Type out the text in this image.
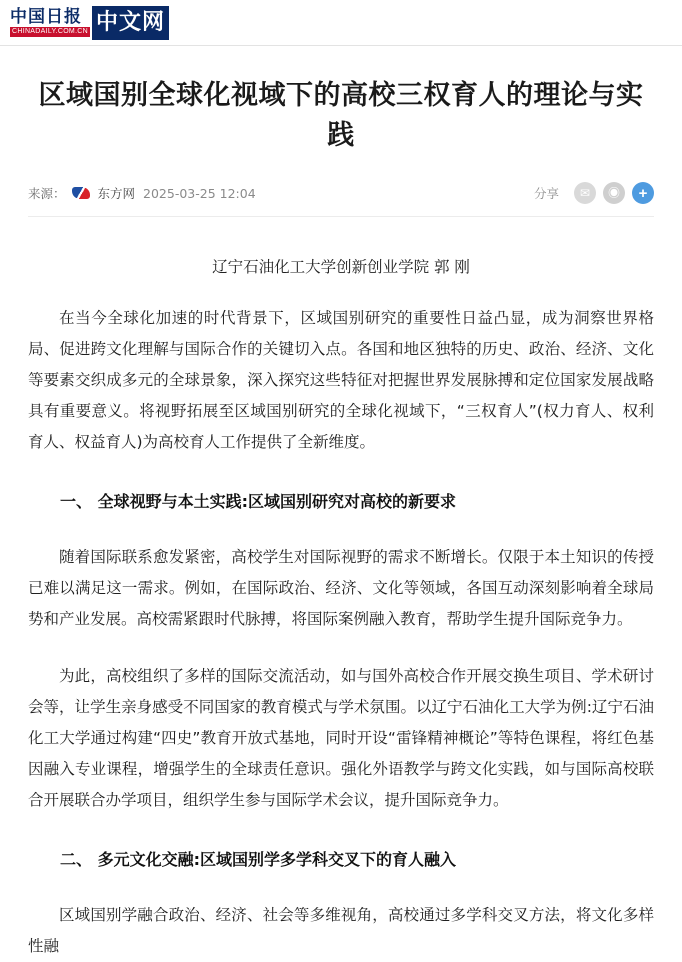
中国日报
CHINADAILY.COM.CN 中文网
区域国别全球化视域下的高校三权育人的理论与实践
来源：	东方网 2025-03-25 12:04	分享	✉	◉	+
辽宁石油化工大学创新创业学院 郭 刚

在当今全球化加速的时代背景下，区域国别研究的重要性日益凸显，成为洞察世界格局、促进跨文化理解与国际合作的关键切入点。各国和地区独特的历史、政治、经济、文化等要素交织成多元的全球景象，深入探究这些特征对把握世界发展脉搏和定位国家发展战略具有重要意义。将视野拓展至区域国别研究的全球化视域下，“三权育人”(权力育人、权利育人、权益育人)为高校育人工作提供了全新维度。

一、 全球视野与本土实践:区域国别研究对高校的新要求

随着国际联系愈发紧密，高校学生对国际视野的需求不断增长。仅限于本土知识的传授已难以满足这一需求。例如，在国际政治、经济、文化等领域，各国互动深刻影响着全球局势和产业发展。高校需紧跟时代脉搏，将国际案例融入教育，帮助学生提升国际竞争力。

为此，高校组织了多样的国际交流活动，如与国外高校合作开展交换生项目、学术研讨会等，让学生亲身感受不同国家的教育模式与学术氛围。以辽宁石油化工大学为例:辽宁石油化工大学通过构建“四史”教育开放式基地，同时开设“雷锋精神概论”等特色课程，将红色基因融入专业课程，增强学生的全球责任意识。强化外语教学与跨文化实践，如与国际高校联合开展联合办学项目，组织学生参与国际学术会议，提升国际竞争力。

二、 多元文化交融:区域国别学多学科交叉下的育人融入

区域国别学融合政治、经济、社会等多维视角，高校通过多学科交叉方法，将文化多样性融
